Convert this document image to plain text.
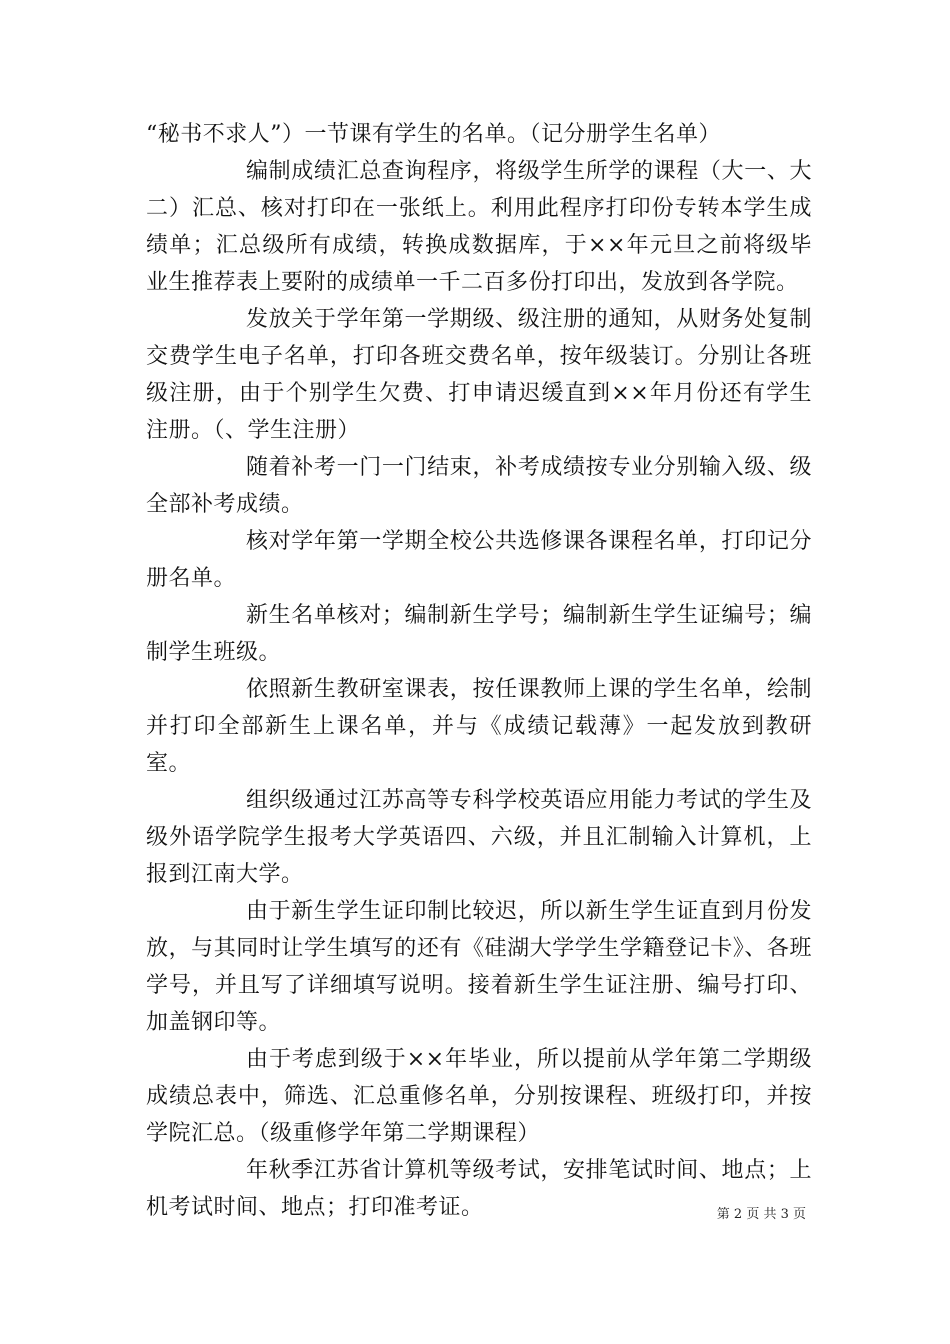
“秘书不求人”）一节课有学生的名单。（记分册学生名单）

编制成绩汇总查询程序，将级学生所学的课程（大一、大二）汇总、核对打印在一张纸上。利用此程序打印份专转本学生成绩单；汇总级所有成绩，转换成数据库，于××年元旦之前将级毕业生推荐表上要附的成绩单一千二百多份打印出，发放到各学院。

发放关于学年第一学期级、级注册的通知，从财务处复制交费学生电子名单，打印各班交费名单，按年级装订。分别让各班级注册，由于个别学生欠费、打申请迟缓直到××年月份还有学生注册。（、学生注册）

随着补考一门一门结束，补考成绩按专业分别输入级、级全部补考成绩。

核对学年第一学期全校公共选修课各课程名单，打印记分册名单。

新生名单核对；编制新生学号；编制新生学生证编号；编制学生班级。

依照新生教研室课表，按任课教师上课的学生名单，绘制并打印全部新生上课名单，并与《成绩记载薄》一起发放到教研室。

组织级通过江苏高等专科学校英语应用能力考试的学生及级外语学院学生报考大学英语四、六级，并且汇制输入计算机，上报到江南大学。

由于新生学生证印制比较迟，所以新生学生证直到月份发放，与其同时让学生填写的还有《硅湖大学学生学籍登记卡》、各班学号，并且写了详细填写说明。接着新生学生证注册、编号打印、加盖钢印等。

由于考虑到级于××年毕业，所以提前从学年第二学期级成绩总表中，筛选、汇总重修名单，分别按课程、班级打印，并按学院汇总。（级重修学年第二学期课程）

年秋季江苏省计算机等级考试，安排笔试时间、地点；上机考试时间、地点；打印准考证。	第 2 页 共 3 页
